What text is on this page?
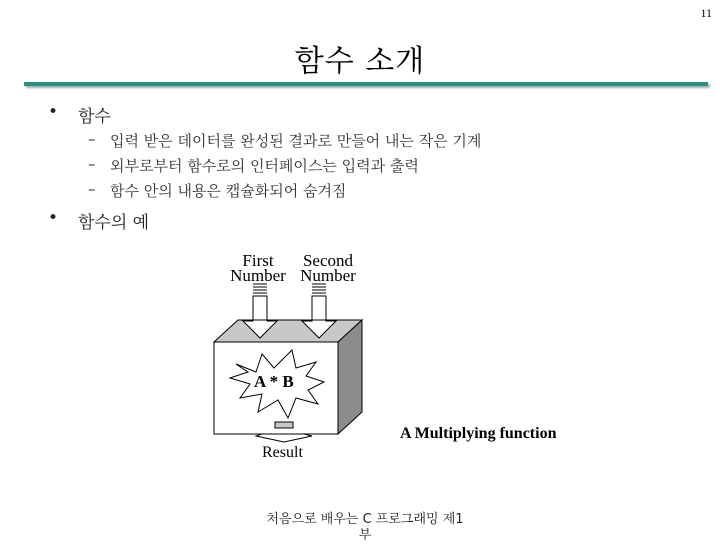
11
함수 소개
• 함수
– 입력 받은 데이터를 완성된 결과로 만들어 내는 작은 기계
– 외부로부터 함수로의 인터페이스는 입력과 출력
– 함수 안의 내용은 캡슐화되어 숨겨짐
• 함수의 예
First
Number
Second
Number
A * B
Result
A Multiplying function
처음으로 배우는 C 프로그래밍 제1
부
